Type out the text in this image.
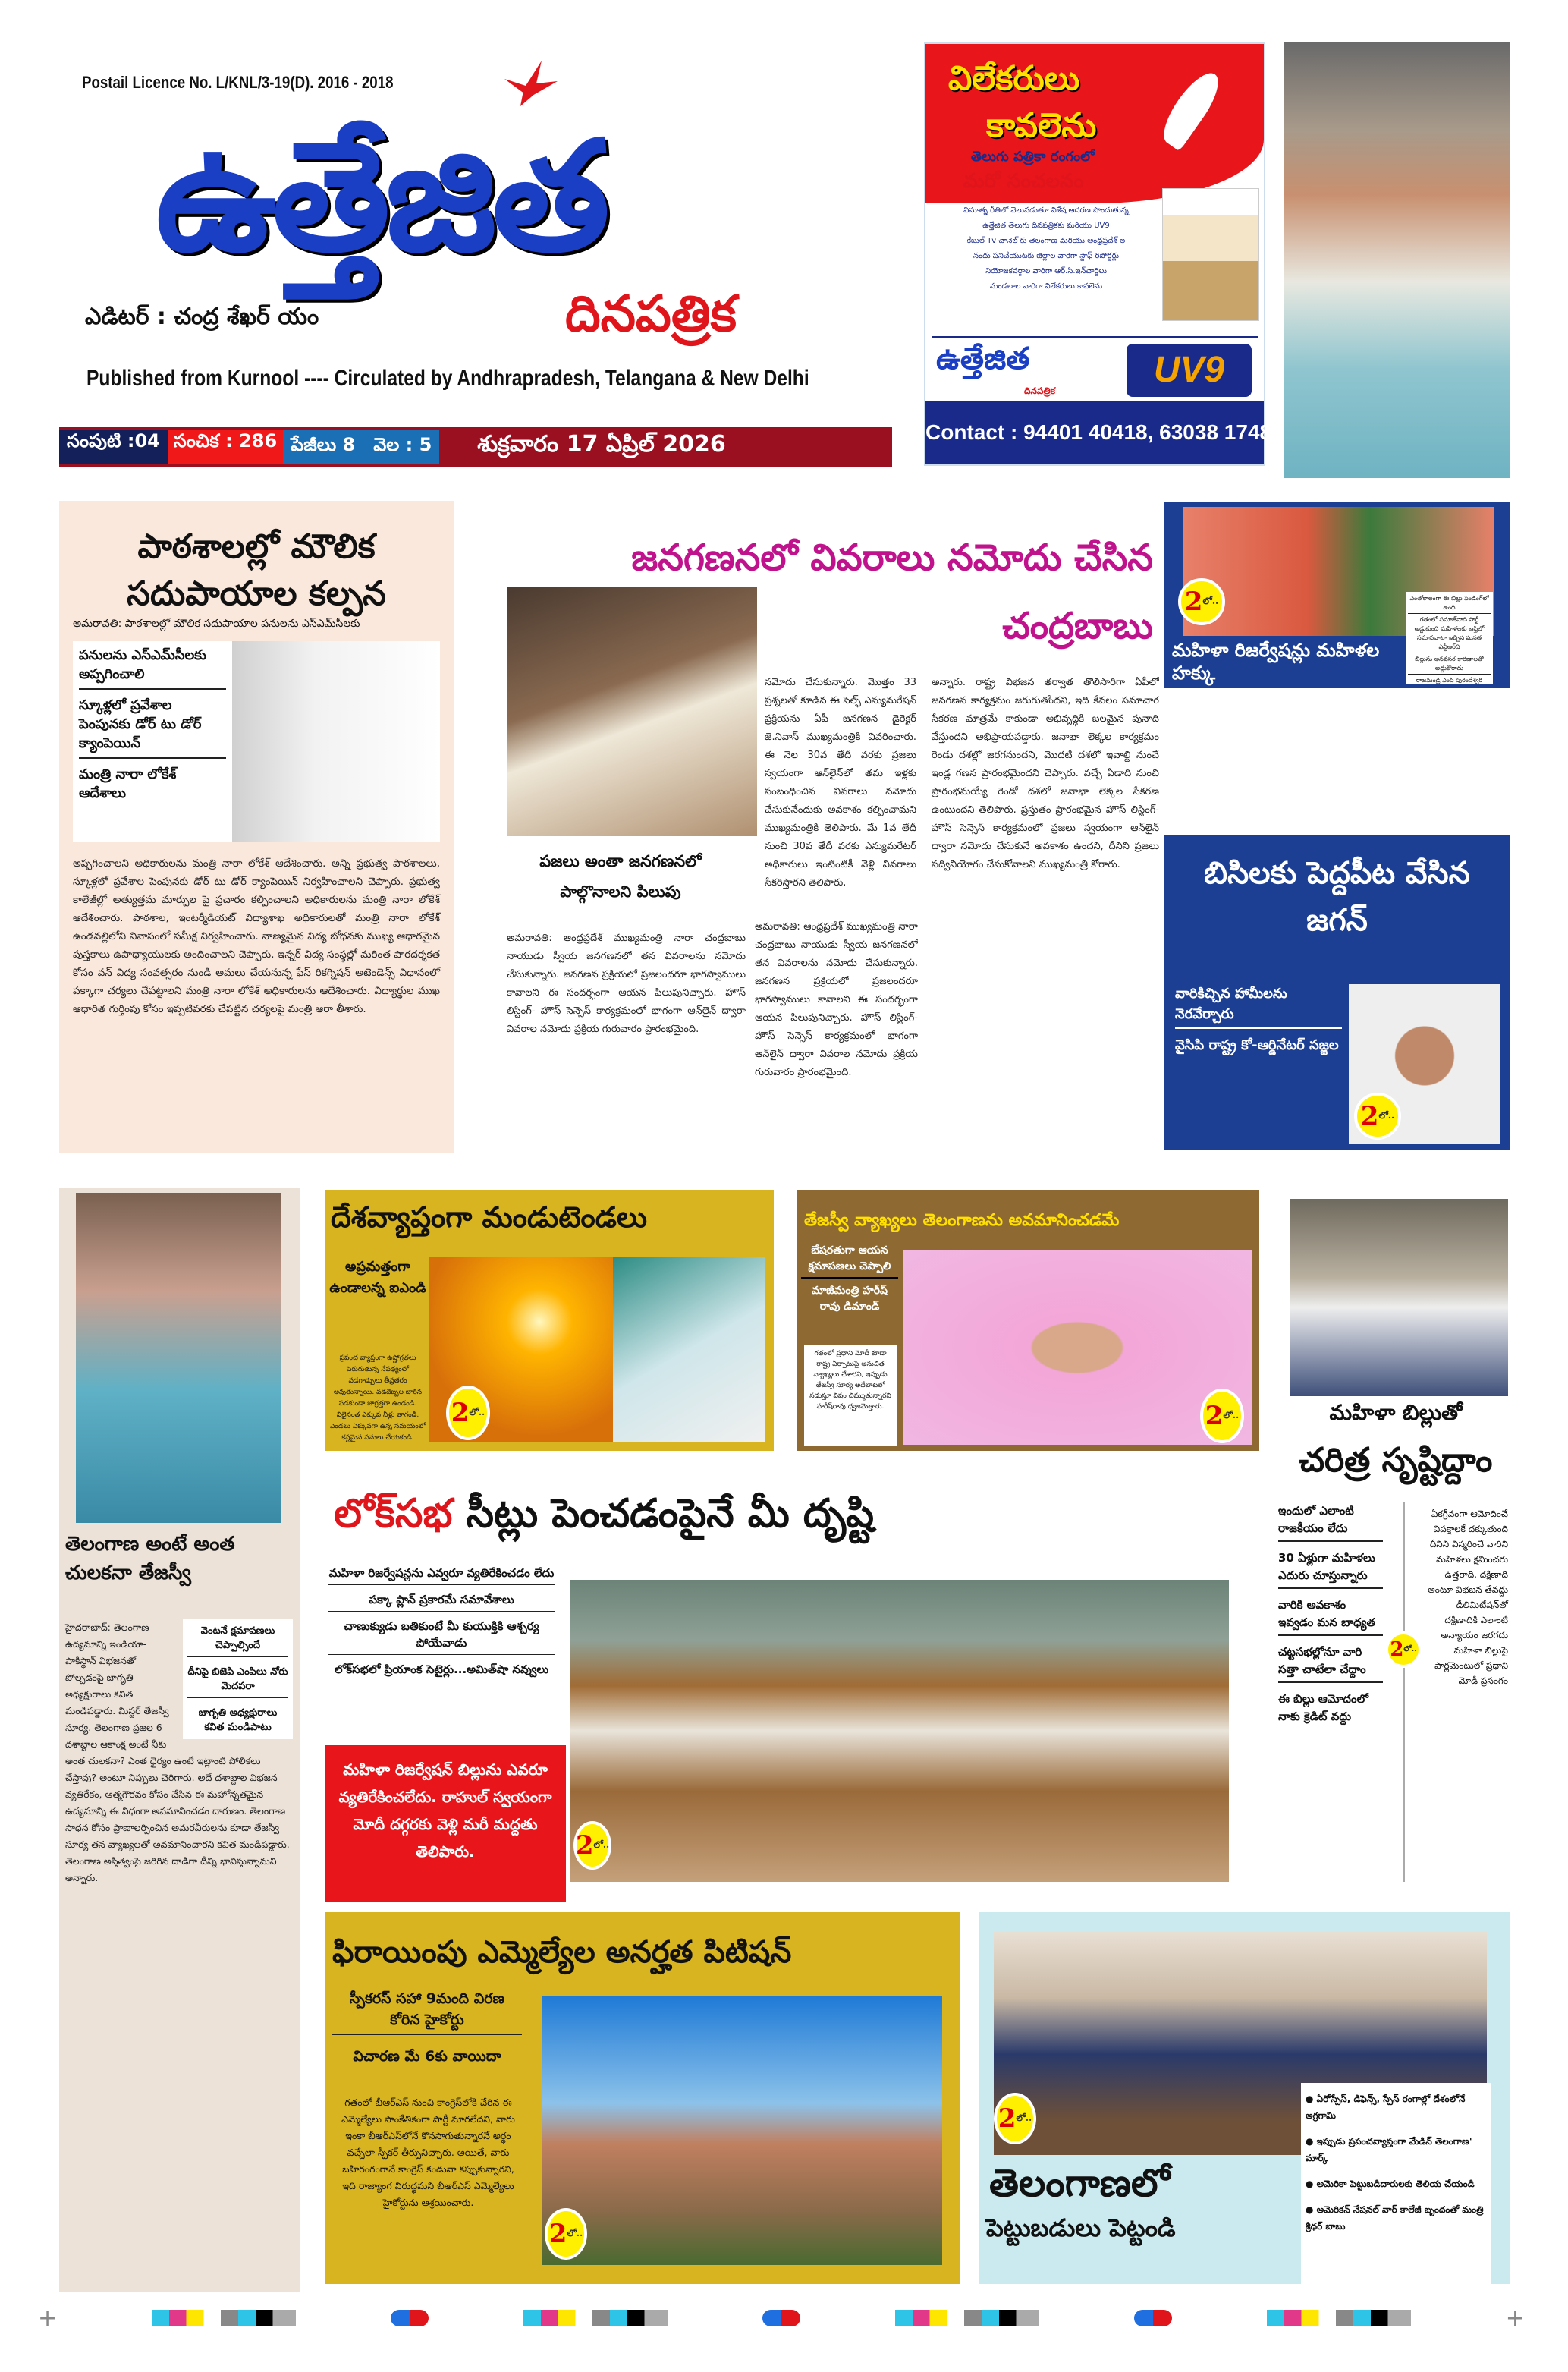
Postail Licence No. L/KNL/3-19(D). 2016 - 2018
ఉత్తేజిత
ఎడిటర్ : చంద్ర శేఖర్ యం	దినపత్రిక
Published from Kurnool ---- Circulated by Andhrapradesh, Telangana & New Delhi
సంపుటి :04 సంచిక : 286 పేజీలు 8 వెల : 5 శుక్రవారం 17 ఏప్రిల్ 2026
విలేకరులు
కావలెను
తెలుగు పత్రికా రంగంలో
మరో సంచలనం
వినూత్న రీతిలో వెలువడుతూ విశేష ఆదరణ పొందుతున్న
ఉత్తేజిత తెలుగు దినపత్రికకు మరియు UV9
కేబుల్ Tv చానెల్ కు తెలంగాణ మరియు ఆంధ్రప్రదేశ్ ల
నందు పనిచేయుటకు జిల్లాల వారిగా స్టాఫ్ రిపోర్టర్లు
నియోజకవర్గాల వారిగా ఆర్.సి.ఇన్‌చార్జిలు
మండలాల వారిగా విలేకరులు కావలెను
ఉత్తేజిత
దినపత్రిక
UV9
Contact : 94401 40418, 63038 17489
పాఠశాలల్లో మౌలిక సదుపాయాల కల్పన
అమరావతి: పాఠశాలల్లో మౌలిక సదుపాయాల పనులను ఎస్ఎమ్‌సీలకు
పనులను ఎస్ఎమ్‌సీలకు అప్పగించాలి
స్కూళ్లలో ప్రవేశాల పెంపునకు డోర్ టు డోర్ క్యాంపెయిన్
మంత్రి నారా లోకేశ్ ఆదేశాలు
అప్పగించాలని అధికారులను మంత్రి నారా లోకేశ్ ఆదేశించారు. అన్ని ప్రభుత్వ పాఠశాలలు, స్కూళ్లలో ప్రవేశాల పెంపునకు డోర్ టు డోర్ క్యాంపెయిన్ నిర్వహించాలని చెప్పారు. ప్రభుత్వ కాలేజీల్లో అత్యుత్తమ మార్పుల పై ప్రచారం కల్పించాలని అధికారులను మంత్రి నారా లోకేశ్ ఆదేశించారు. పాఠశాల, ఇంటర్మీడియట్ విద్యాశాఖ అధికారులతో మంత్రి నారా లోకేశ్ ఉండవల్లిలోని నివాసంలో సమీక్ష నిర్వహించారు. నాణ్యమైన విద్య బోధనకు ముఖ్య ఆధారమైన పుస్తకాలు ఉపాధ్యాయులకు అందించాలని చెప్పారు. ఇన్నర్ విద్య సంస్థల్లో మరింత పారదర్శకత కోసం వన్ విద్య సంవత్సరం నుండి అమలు చేయనున్న ఫేస్ రికగ్నిషన్ అటెండెన్స్ విధానంలో పక్కాగా చర్యలు చేపట్టాలని మంత్రి నారా లోకేశ్ అధికారులను ఆదేశించారు. విద్యార్థుల ముఖ ఆధారిత గుర్తింపు కోసం ఇప్పటివరకు చేపట్టిన చర్యలపై మంత్రి ఆరా తీశారు.
జనగణనలో వివరాలు నమోదు చేసిన చంద్రబాబు
పజలు అంతా జనగణనలో పాల్గొనాలని పిలుపు
నమోదు చేసుకున్నారు. మొత్తం 33 ప్రశ్నలతో కూడిన ఈ సెల్ఫ్ ఎన్యుమరేషన్ ప్రక్రియను ఏపీ జనగణన డైరెక్టర్ జె.నివాస్ ముఖ్యమంత్రికి వివరించారు. ఈ నెల 30వ తేదీ వరకు ప్రజలు స్వయంగా ఆన్‌లైన్‌లో తమ ఇళ్లకు సంబంధించిన వివరాలు నమోదు చేసుకునేందుకు అవకాశం కల్పించామని ముఖ్యమంత్రికి తెలిపారు. మే 1వ తేదీ నుంచి 30వ తేదీ వరకు ఎన్యుమరేటర్ అధికారులు ఇంటింటికీ వెళ్లి వివరాలు సేకరిస్తారని తెలిపారు.
అమరావతి: ఆంధ్రప్రదేశ్ ముఖ్యమంత్రి నారా చంద్రబాబు నాయుడు స్వీయ జనగణనలో తన వివరాలను నమోదు చేసుకున్నారు. జనగణన ప్రక్రియలో ప్రజలందరూ భాగస్వాములు కావాలని ఈ సందర్భంగా ఆయన పిలుపునిచ్చారు. హౌస్ లిస్టింగ్- హౌస్ సెన్సెస్ కార్యక్రమంలో భాగంగా ఆన్‌లైన్ ద్వారా వివరాల నమోదు ప్రక్రియ గురువారం ప్రారంభమైంది.
అమరావతి: ఆంధ్రప్రదేశ్ ముఖ్యమంత్రి నారా చంద్రబాబు నాయుడు స్వీయ జనగణనలో తన వివరాలను నమోదు చేసుకున్నారు. జనగణన ప్రక్రియలో ప్రజలందరూ భాగస్వాములు కావాలని ఈ సందర్భంగా ఆయన పిలుపునిచ్చారు. హౌస్ లిస్టింగ్- హౌస్ సెన్సెస్ కార్యక్రమంలో భాగంగా ఆన్‌లైన్ ద్వారా వివరాల నమోదు ప్రక్రియ గురువారం ప్రారంభమైంది.
అన్నారు. రాష్ట్ర విభజన తర్వాత తొలిసారిగా ఏపీలో జనగణన కార్యక్రమం జరుగుతోందని, ఇది కేవలం సమాచార సేకరణ మాత్రమే కాకుండా అభివృద్ధికి బలమైన పునాది వేస్తుందని అభిప్రాయపడ్డారు. జనాభా లెక్కల కార్యక్రమం రెండు దశల్లో జరగనుందని, మొదటి దశలో ఇవాల్టి నుంచే ఇండ్ల గణన ప్రారంభమైందని చెప్పారు. వచ్చే ఏడాది నుంచి ప్రారంభమయ్యే రెండో దశలో జనాభా లెక్కల సేకరణ ఉంటుందని తెలిపారు. ప్రస్తుతం ప్రారంభమైన హౌస్ లిస్టింగ్- హౌస్ సెన్సెస్ కార్యక్రమంలో ప్రజలు స్వయంగా ఆన్‌లైన్ ద్వారా నమోదు చేసుకునే అవకాశం ఉందని, దీనిని ప్రజలు సద్వినియోగం చేసుకోవాలని ముఖ్యమంత్రి కోరారు.
2 లో..
మహిళా రిజర్వేషన్లు మహిళల హక్కు
ఎంతోకాలంగా ఈ బిల్లు పెండింగ్‌లో ఉంది
గతంలో సమాజ్‌వాది పార్టీ అడ్డుకుంది మహిళలకు ఆస్తిలో సమానవాటా ఇచ్చిన ఘనత ఎన్టీఆర్‌ది
బిల్లును అనవసర కారణాలతో అడ్డుకోరాదు
రాజమండ్రి ఎంపి పురందేశ్వరి
బిసిలకు పెద్దపీట వేసిన జగన్
వారికిచ్చిన హామీలను నెరవేర్చారు
వైసిపి రాష్ట్ర కో-ఆర్డినేటర్ సజ్జల
2 లో..
తెలంగాణ అంటే అంత చులకనా తేజస్వీ
వెంటనే క్షమాపణలు చెప్పాల్సిందే
దీనిపై బిజెపి ఎంపిలు నోరు మెదపరా
జాగృతి అధ్యక్షురాలు కవిత మండిపాటు
హైదరాబాద్: తెలంగాణ ఉద్యమాన్ని ఇండియా- పాకిస్థాన్ విభజనతో పోల్చడంపై జాగృతి అధ్యక్షురాలు కవిత మండిపడ్డారు. మిస్టర్ తేజస్వీ సూర్య. తెలంగాణ ప్రజల 6 దశాబ్దాల ఆకాంక్ష అంటే నీకు అంత చులకనా? ఎంత ధైర్యం ఉంటే ఇట్లాంటి పోలికలు చేస్తావు? అంటూ నిప్పులు చెరిగారు. అదే దశాబ్దాల విభజన వ్యతిరేకం, ఆత్మగౌరవం కోసం చేసిన ఈ మహోన్నతమైన ఉద్యమాన్ని ఈ విధంగా అవమానించడం దారుణం. తెలంగాణ సాధన కోసం ప్రాణాలర్పించిన అమరవీరులను కూడా తేజస్వీ సూర్య తన వ్యాఖ్యలతో అవమానించారని కవిత మండిపడ్డారు. తెలంగాణ అస్తిత్వంపై జరిగిన దాడిగా దీన్ని భావిస్తున్నామని అన్నారు.
దేశవ్యాప్తంగా మండుటెండలు
అప్రమత్తంగా ఉండాలన్న ఐఎండి
ప్రపంచ వ్యాప్తంగా ఉష్ణోగ్రతలు పెరుగుతున్న నేపథ్యంలో వడగాడ్పులు తీవ్రతరం అవుతున్నాయి. వడదెబ్బల బారిన పడకుండా జాగ్రత్తగా ఉండండి. వీలైనంత ఎక్కువ నీళ్లు తాగండి. ఎండలు ఎక్కువగా ఉన్న సమయంలో కష్టమైన పనులు చేయకండి.
2 లో..
తేజస్వీ వ్యాఖ్యలు తెలంగాణను అవమానించడమే
బేషరతుగా ఆయన క్షమాపణలు చెప్పాలి
మాజీమంత్రి హరీష్ రావు డిమాండ్
గతంలో ప్రధాని మోదీ కూడా రాష్ట్ర ఏర్పాటుపై అనుచిత వ్యాఖ్యలు చేశారని, ఇప్పుడు తేజస్వీ సూర్య అదేబాటలో నడుస్తూ విషం చిమ్ముతున్నారని హరీష్‌రావు ధ్వజమెత్తారు.	2 లో..	మహిళా బిల్లుతో
చరిత్ర సృష్టిద్దాం
ఇందులో ఎలాంటి రాజకీయం లేదు
30 ఏళ్లుగా మహిళలు ఎదురు చూస్తున్నారు
వారికి అవకాశం ఇవ్వడం మన బాధ్యత
చట్టసభల్లోనూ వారి సత్తా చాటేలా చేద్దాం
ఈ బిల్లు ఆమోదంలో నాకు క్రెడిట్ వద్దు
2 లో..
ఏకగ్రీవంగా ఆమోదించే విపక్షాలకే దక్కుతుంది దీనిని విస్మరించే వారిని మహిళలు క్షమించరు ఉత్తరాది, దక్షిణాది అంటూ విభజన తేవద్దు డీలిమిటేషన్‌తో దక్షిణాదికి ఎలాంటి అన్యాయం జరగదు మహిళా బిల్లుపై పార్లమెంటులో ప్రధాని మోడీ ప్రసంగం
లోక్‌సభ సీట్లు పెంచడంపైనే మీ దృష్టి
మహిళా రిజర్వేషన్లను ఎవ్వరూ వ్యతిరేకించడం లేదు
పక్కా ప్లాన్ ప్రకారమే సమావేశాలు
చాణుక్యుడు బతికుంటే మీ కుయుక్తికి ఆశ్చర్య పోయేవాడు
లోక్‌సభలో ప్రియాంక సెటైర్లు...అమిత్‌షా నవ్వులు
మహిళా రిజర్వేషన్ బిల్లును ఎవరూ వ్యతిరేకించలేదు. రాహుల్ స్వయంగా మోదీ దగ్గరకు వెళ్లి మరీ మద్దతు తెలిపారు.	2 లో..
ఫిరాయింపు ఎమ్మెల్యేల అనర్హత పిటిషన్
స్పీకరస్ సహా 9మంది విరణ కోరిన హైకోర్టు
విచారణ మే 6కు వాయిదా
గతంలో బీఆర్ఎస్ నుంచి కాంగ్రెస్‌లోకి చేరిన ఈ ఎమ్మెల్యేలు సాంకేతికంగా పార్టీ మారలేదని, వారు ఇంకా బీఆర్ఎస్‌లోనే కొనసాగుతున్నారనే అర్థం వచ్చేలా స్పీకర్ తీర్పునిచ్చారు. అయితే, వారు బహిరంగంగానే కాంగ్రెస్ కండువా కప్పుకున్నారని, ఇది రాజ్యాంగ విరుద్ధమని బీఆర్ఎస్ ఎమ్మెల్యేలు హైకోర్టును ఆశ్రయించారు.
2 లో..
2 లో..
తెలంగాణలో
పెట్టుబడులు పెట్టండి
● ఏరోస్పేస్, డిఫెన్స్, స్పేస్ రంగాల్లో దేశంలోనే అగ్రగామి
● ఇప్పుడు ప్రపంచవ్యాప్తంగా మేడిన్ తెలంగాణ' మార్క్
● అమెరికా పెట్టుబడిదారులకు తెలియ చేయండి
● అమెరికన్ నేషనల్ వార్ కాలేజీ బృందంతో మంత్రి శ్రీధర్ బాబు
+	+
